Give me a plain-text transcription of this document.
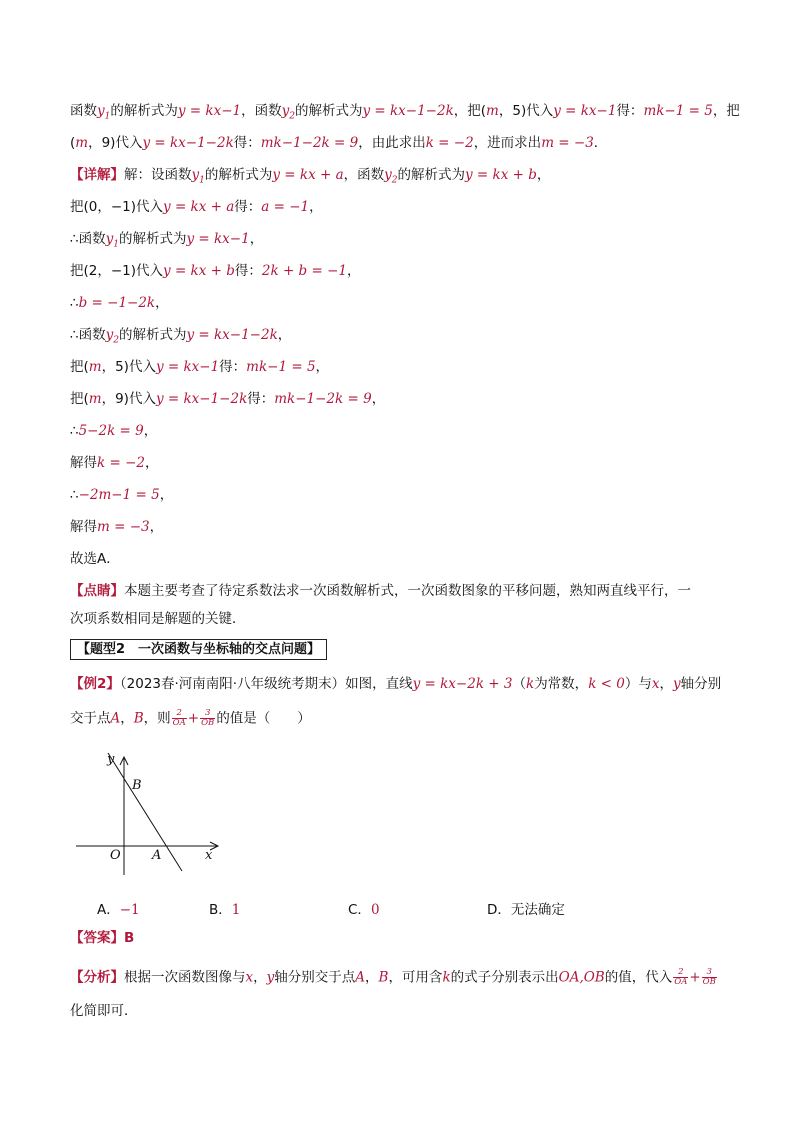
函数$y_1$的解析式为y = kx−1，函数$y_2$的解析式为y = kx−1−2k，把(m，5)代入y = kx−1得：mk−1 = 5，把
(m，9)代入y = kx−1−2k得：mk−1−2k = 9，由此求出k = −2，进而求出m = −3．
【详解】解：设函数$y_1$的解析式为y = kx + a，函数$y_2$的解析式为y = kx + b，
把(0，−1)代入y = kx + a得：a = −1，
∴函数$y_1$的解析式为y = kx−1，
把(2，−1)代入y = kx + b得：2k + b = −1，
∴b = −1−2k，
∴函数$y_2$的解析式为y = kx−1−2k，
把(m，5)代入y = kx−1得：mk−1 = 5，
把(m，9)代入y = kx−1−2k得：mk−1−2k = 9，
∴5−2k = 9，
解得k = −2，
∴−2m−1 = 5，
解得m = −3，
故选A．
【点睛】本题主要考查了待定系数法求一次函数解析式，一次函数图象的平移问题，熟知两直线平行，一
次项系数相同是解题的关键．
【题型2　一次函数与坐标轴的交点问题】
【例2】（2023春·河南南阳·八年级统考期末）如图，直线y = kx−2k + 3（k为常数，k < 0）与x，y轴分别
交于点A，B，则 $\frac{2}{OA} + \frac{3}{OB}$ 的值是（　　）
y
x
O A
B
A．−1	B．1	C．0	D．无法确定
【答案】B
【分析】根据一次函数图像与x，y轴分别交于点A，B，可用含k的式子分别表示出OA,OB的值，代入 $\frac{2}{OA} + \frac{3}{OB}$
化简即可．
